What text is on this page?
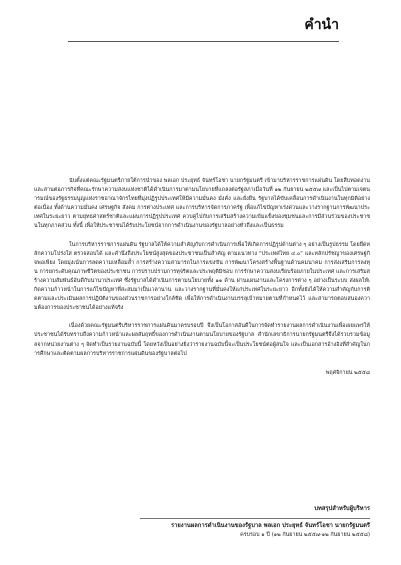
คำนำ

นับตั้งแต่คณะรัฐมนตรีภายใต้การนำของ พลเอก ประยุทธ์ จันทร์โอชา นายกรัฐมนตรี เข้ามาบริหารราชการแผ่นดิน โดยสืบทอดงานและสานต่อภารกิจที่คณะรักษาความสงบแห่งชาติได้ดำเนินการมาตามนโยบายที่แถลงต่อรัฐสภาเมื่อวันที่ ๑๒ กันยายน ๒๕๕๗ และเป็นไปตามเจตนารมณ์ของรัฐธรรมนูญแห่งราชอาณาจักรไทยที่มุ่งปฏิรูปประเทศให้มีความมั่นคง มั่งคั่ง และยั่งยืน รัฐบาลได้ขับเคลื่อนการดำเนินงานในทุกมิติอย่างต่อเนื่อง ทั้งด้านความมั่นคง เศรษฐกิจ สังคม การต่างประเทศ และการบริหารจัดการภาครัฐ เพื่อแก้ไขปัญหาเร่งด่วนและวางรากฐานการพัฒนาประเทศในระยะยาว ตามยุทธศาสตร์ชาติและแผนการปฏิรูปประเทศ ควบคู่ไปกับการเสริมสร้างความเข้มแข็งของชุมชนและการมีส่วนร่วมของประชาชนในทุกภาคส่วน ทั้งนี้ เพื่อให้ประชาชนได้รับประโยชน์จากการดำเนินงานของรัฐบาลอย่างทั่วถึงและเป็นธรรม

ในการบริหารราชการแผ่นดิน รัฐบาลได้ให้ความสำคัญกับการดำเนินการเพื่อให้เกิดการปฏิรูปด้านต่าง ๆ อย่างเป็นรูปธรรม โดยยึดหลักความโปร่งใส ตรวจสอบได้ และคำนึงถึงประโยชน์สูงสุดของประชาชนเป็นสำคัญ ตามแนวทาง "ประเทศไทย ๔.๐" และหลักปรัชญาของเศรษฐกิจพอเพียง โดยมุ่งเน้นการลดความเหลื่อมล้ำ การสร้างความสามารถในการแข่งขัน การพัฒนาโครงสร้างพื้นฐานด้านคมนาคม การส่งเสริมการลงทุน การยกระดับคุณภาพชีวิตของประชาชน การปราบปรามการทุจริตและประพฤติมิชอบ การรักษาความสงบเรียบร้อยภายในประเทศ และการเสริมสร้างความสัมพันธ์อันดีกับนานาประเทศ ซึ่งรัฐบาลได้ดำเนินการตามนโยบายทั้ง ๑๑ ด้าน ผ่านแผนงานและโครงการต่าง ๆ อย่างเป็นระบบ ส่งผลให้เกิดความก้าวหน้าในการแก้ไขปัญหาที่สะสมมาเป็นเวลานาน และวางรากฐานที่มั่นคงให้แก่ประเทศในระยะยาว อีกทั้งยังได้ให้ความสำคัญกับการติดตามและประเมินผลการปฏิบัติงานของส่วนราชการอย่างใกล้ชิด เพื่อให้การดำเนินงานบรรลุเป้าหมายตามที่กำหนดไว้ และสามารถตอบสนองความต้องการของประชาชนได้อย่างแท้จริง

เนื่องด้วยคณะรัฐมนตรีบริหารราชการแผ่นดินมาครบรอบปี จึงเป็นโอกาสอันดีในการจัดทำรายงานผลการดำเนินงานเพื่อเผยแพร่ให้ประชาชนได้รับทราบถึงความก้าวหน้าและผลสัมฤทธิ์ของการดำเนินงานตามนโยบายของรัฐบาล สำนักเลขาธิการนายกรัฐมนตรีจึงได้รวบรวมข้อมูลจากหน่วยงานต่าง ๆ จัดทำเป็นรายงานฉบับนี้ โดยหวังเป็นอย่างยิ่งว่ารายงานฉบับนี้จะเป็นประโยชน์ต่อผู้สนใจ และเป็นเอกสารอ้างอิงที่สำคัญในการศึกษาและติดตามผลการบริหารราชการแผ่นดินของรัฐบาลต่อไป

พฤศจิกายน ๒๕๕๘

บทสรุปสำหรับผู้บริหาร
รายงานผลการดำเนินงานของรัฐบาล พลเอก ประยุทธ์ จันทร์โอชา นายกรัฐมนตรี
ครบรอบ ๑ ปี (๑๒ กันยายน ๒๕๕๗-๑๒ กันยายน ๒๕๕๘)
